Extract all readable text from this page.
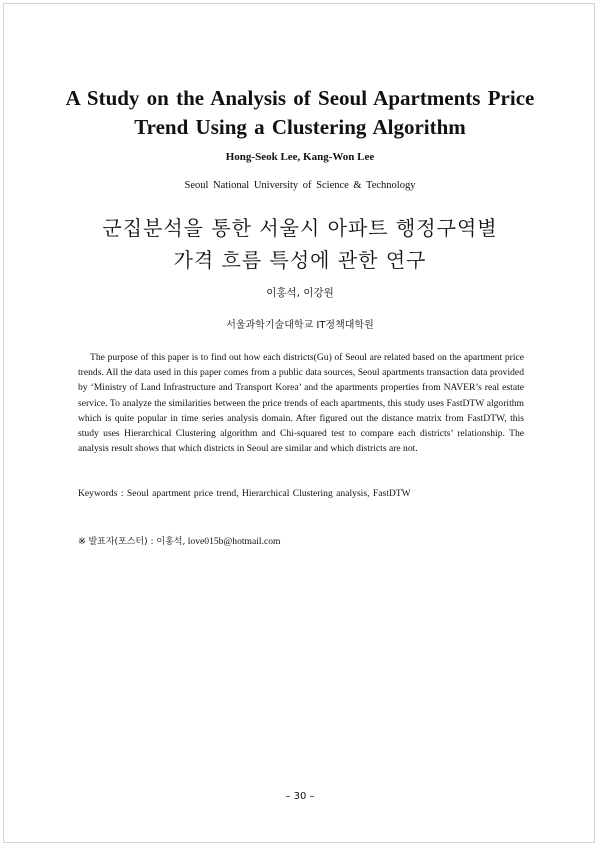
A Study on the Analysis of Seoul Apartments Price
Trend Using a Clustering Algorithm

Hong-Seok Lee, Kang-Won Lee

Seoul National University of Science & Technology

군집분석을 통한 서울시 아파트 행정구역별
가격 흐름 특성에 관한 연구

이홍석, 이강원

서울과학기술대학교 IT정책대학원

The purpose of this paper is to find out how each districts(Gu) of Seoul are related based on the apartment price trends. All the data used in this paper comes from a public data sources, Seoul apartments transaction data provided by ‘Ministry of Land Infrastructure and Transport Korea’ and the apartments properties from NAVER’s real estate service. To analyze the similarities between the price trends of each apartments, this study uses FastDTW algorithm which is quite popular in time series analysis domain. After figured out the distance matrix from FastDTW, this study uses Hierarchical Clustering algorithm and Chi-squared test to compare each districts’ relationship. The analysis result shows that which districts in Seoul are similar and which districts are not.

Keywords : Seoul apartment price trend, Hierarchical Clustering analysis, FastDTW

※ 발표자(포스터) : 이홍석, love015b@hotmail.com

– 30 –
